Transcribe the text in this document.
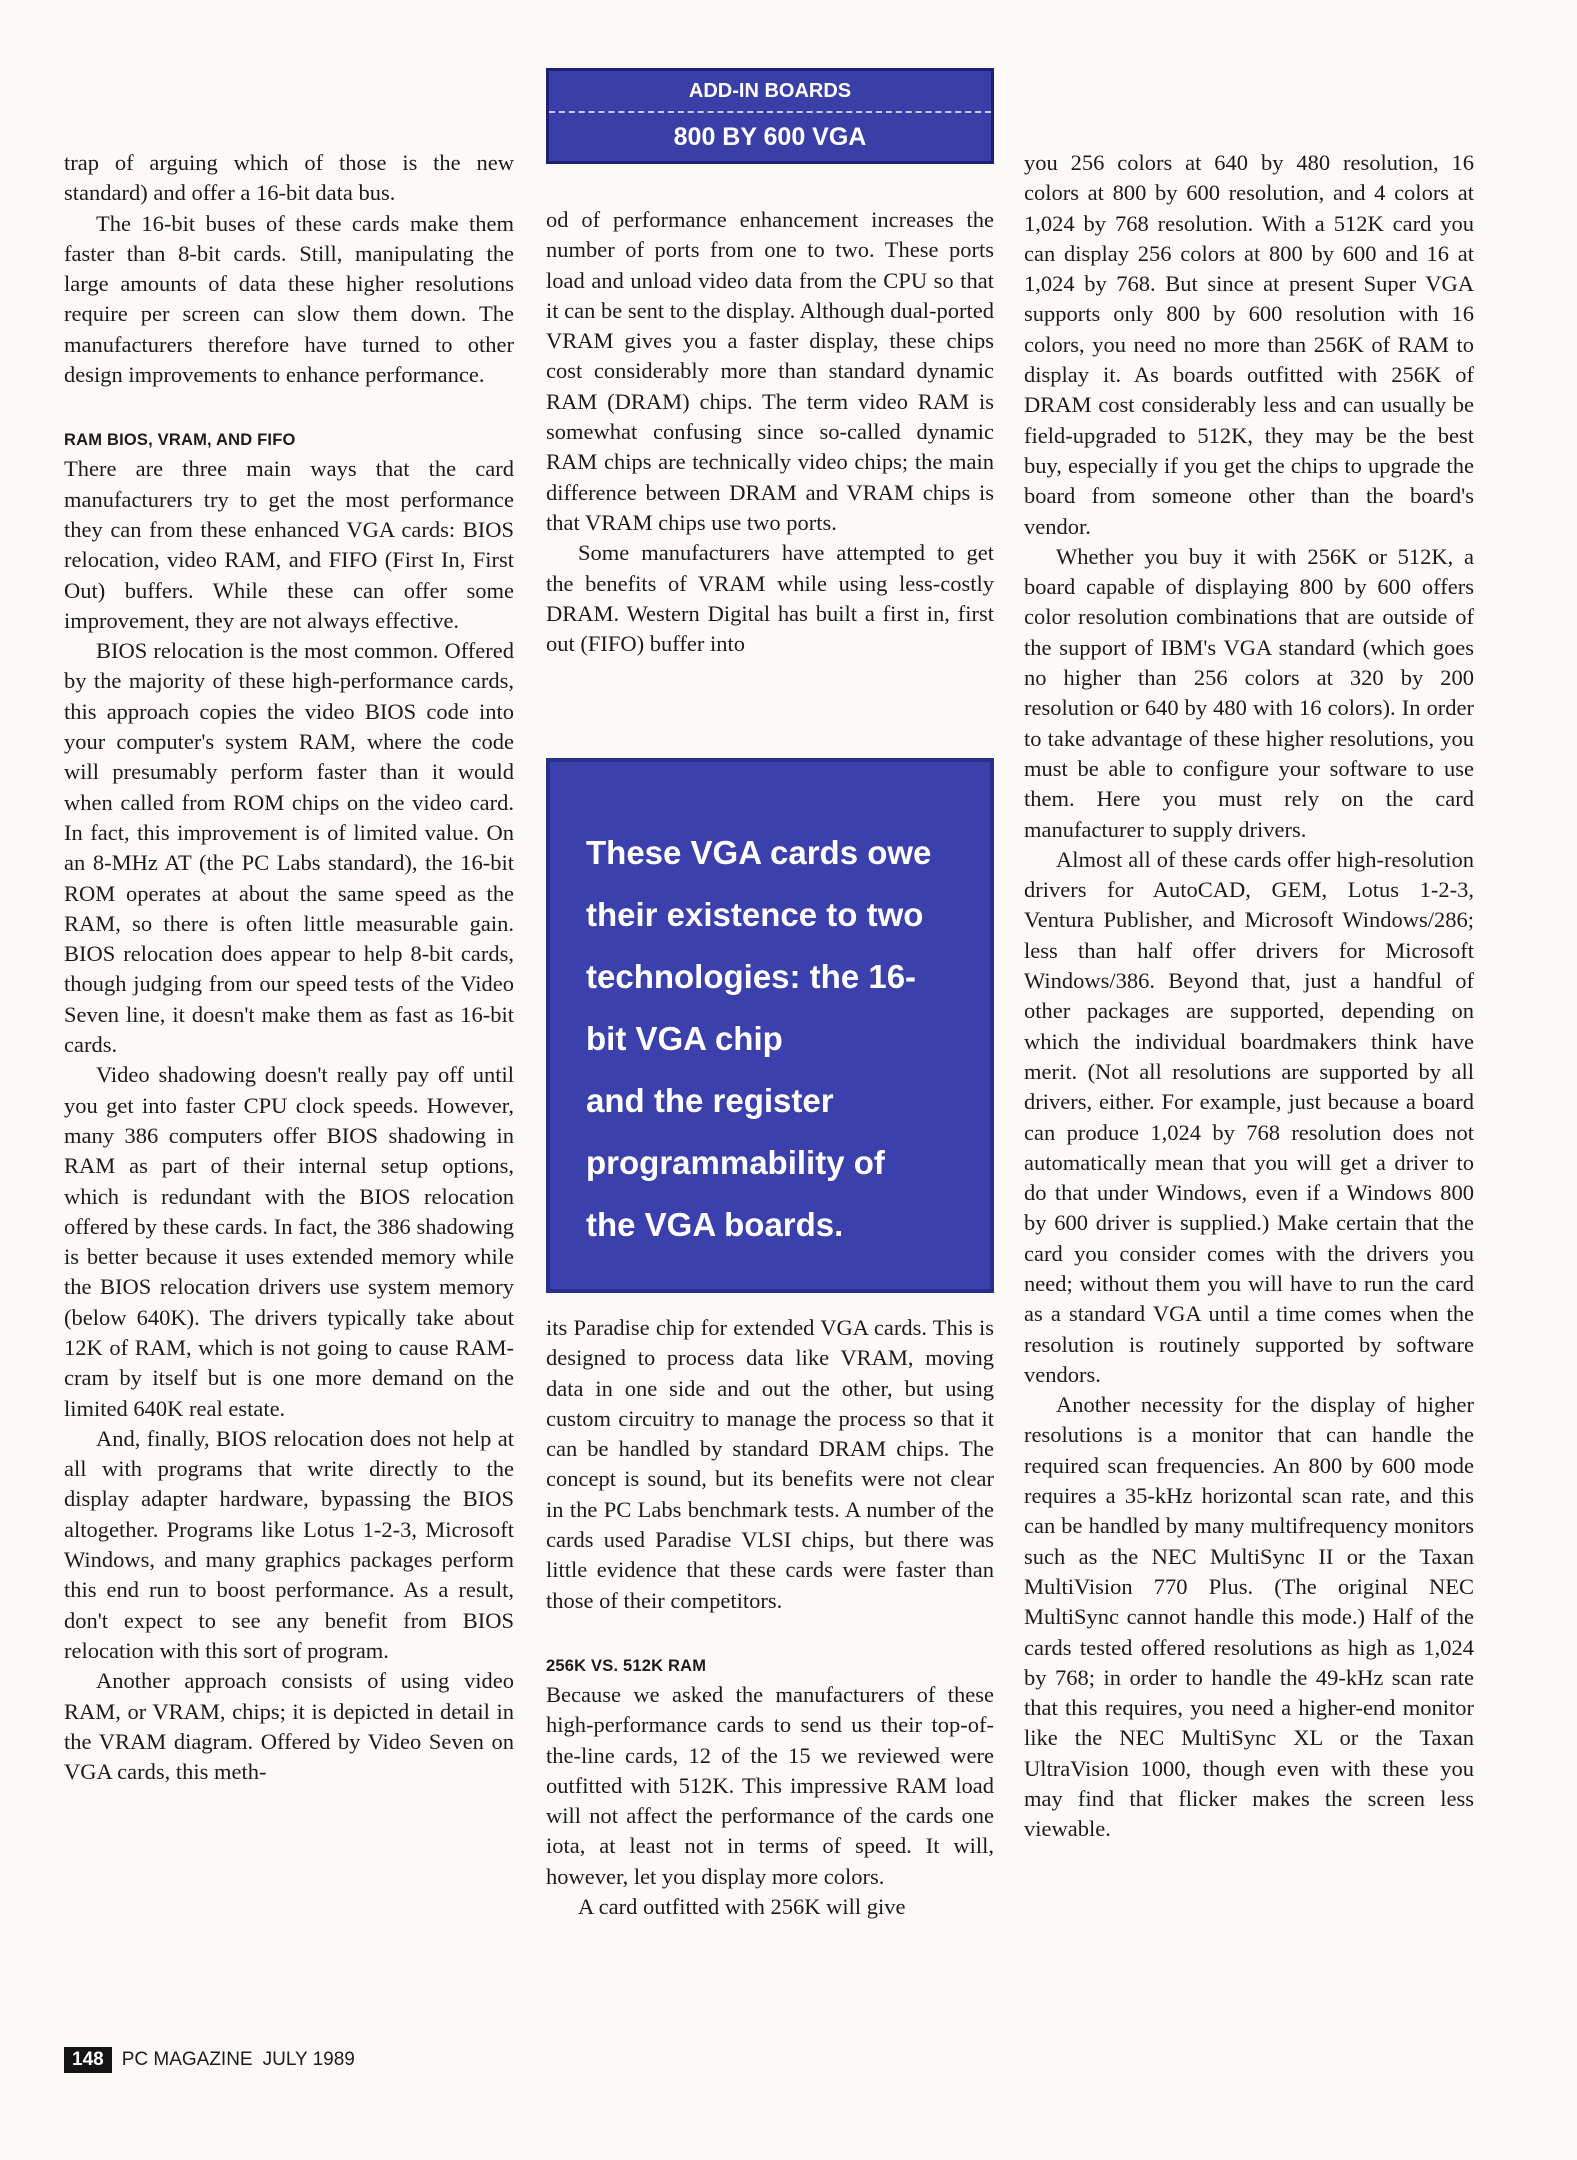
ADD-IN BOARDS
800 BY 600 VGA

trap of arguing which of those is the new standard) and offer a 16-bit data bus.

The 16-bit buses of these cards make them faster than 8-bit cards. Still, manipulating the large amounts of data these higher resolutions require per screen can slow them down. The manufacturers therefore have turned to other design improvements to enhance performance.

RAM BIOS, VRAM, AND FIFO

There are three main ways that the card manufacturers try to get the most performance they can from these enhanced VGA cards: BIOS relocation, video RAM, and FIFO (First In, First Out) buffers. While these can offer some improvement, they are not always effective.

BIOS relocation is the most common. Offered by the majority of these high-performance cards, this approach copies the video BIOS code into your computer's system RAM, where the code will presumably perform faster than it would when called from ROM chips on the video card. In fact, this improvement is of limited value. On an 8-MHz AT (the PC Labs standard), the 16-bit ROM operates at about the same speed as the RAM, so there is often little measurable gain. BIOS relocation does appear to help 8-bit cards, though judging from our speed tests of the Video Seven line, it doesn't make them as fast as 16-bit cards.

Video shadowing doesn't really pay off until you get into faster CPU clock speeds. However, many 386 computers offer BIOS shadowing in RAM as part of their internal setup options, which is redundant with the BIOS relocation offered by these cards. In fact, the 386 shadowing is better because it uses extended memory while the BIOS relocation drivers use system memory (below 640K). The drivers typically take about 12K of RAM, which is not going to cause RAM-cram by itself but is one more demand on the limited 640K real estate.

And, finally, BIOS relocation does not help at all with programs that write directly to the display adapter hardware, bypassing the BIOS altogether. Programs like Lotus 1-2-3, Microsoft Windows, and many graphics packages perform this end run to boost performance. As a result, don't expect to see any benefit from BIOS relocation with this sort of program.

Another approach consists of using video RAM, or VRAM, chips; it is depicted in detail in the VRAM diagram. Offered by Video Seven on VGA cards, this meth-

od of performance enhancement increases the number of ports from one to two. These ports load and unload video data from the CPU so that it can be sent to the display. Although dual-ported VRAM gives you a faster display, these chips cost considerably more than standard dynamic RAM (DRAM) chips. The term video RAM is somewhat confusing since so-called dynamic RAM chips are technically video chips; the main difference between DRAM and VRAM chips is that VRAM chips use two ports.

Some manufacturers have attempted to get the benefits of VRAM while using less-costly DRAM. Western Digital has built a first in, first out (FIFO) buffer into

These VGA cards owe
their existence to two
technologies: the 16-
bit VGA chip
and the register
programmability of
the VGA boards.

its Paradise chip for extended VGA cards. This is designed to process data like VRAM, moving data in one side and out the other, but using custom circuitry to manage the process so that it can be handled by standard DRAM chips. The concept is sound, but its benefits were not clear in the PC Labs benchmark tests. A number of the cards used Paradise VLSI chips, but there was little evidence that these cards were faster than those of their competitors.

256K VS. 512K RAM

Because we asked the manufacturers of these high-performance cards to send us their top-of-the-line cards, 12 of the 15 we reviewed were outfitted with 512K. This impressive RAM load will not affect the performance of the cards one iota, at least not in terms of speed. It will, however, let you display more colors.

A card outfitted with 256K will give

you 256 colors at 640 by 480 resolution, 16 colors at 800 by 600 resolution, and 4 colors at 1,024 by 768 resolution. With a 512K card you can display 256 colors at 800 by 600 and 16 at 1,024 by 768. But since at present Super VGA supports only 800 by 600 resolution with 16 colors, you need no more than 256K of RAM to display it. As boards outfitted with 256K of DRAM cost considerably less and can usually be field-upgraded to 512K, they may be the best buy, especially if you get the chips to upgrade the board from someone other than the board's vendor.

Whether you buy it with 256K or 512K, a board capable of displaying 800 by 600 offers color resolution combinations that are outside of the support of IBM's VGA standard (which goes no higher than 256 colors at 320 by 200 resolution or 640 by 480 with 16 colors). In order to take advantage of these higher resolutions, you must be able to configure your software to use them. Here you must rely on the card manufacturer to supply drivers.

Almost all of these cards offer high-resolution drivers for AutoCAD, GEM, Lotus 1-2-3, Ventura Publisher, and Microsoft Windows/286; less than half offer drivers for Microsoft Windows/386. Beyond that, just a handful of other packages are supported, depending on which the individual boardmakers think have merit. (Not all resolutions are supported by all drivers, either. For example, just because a board can produce 1,024 by 768 resolution does not automatically mean that you will get a driver to do that under Windows, even if a Windows 800 by 600 driver is supplied.) Make certain that the card you consider comes with the drivers you need; without them you will have to run the card as a standard VGA until a time comes when the resolution is routinely supported by software vendors.

Another necessity for the display of higher resolutions is a monitor that can handle the required scan frequencies. An 800 by 600 mode requires a 35-kHz horizontal scan rate, and this can be handled by many multifrequency monitors such as the NEC MultiSync II or the Taxan MultiVision 770 Plus. (The original NEC MultiSync cannot handle this mode.) Half of the cards tested offered resolutions as high as 1,024 by 768; in order to handle the 49-kHz scan rate that this requires, you need a higher-end monitor like the NEC MultiSync XL or the Taxan UltraVision 1000, though even with these you may find that flicker makes the screen less viewable.

148 PC MAGAZINE JULY 1989
